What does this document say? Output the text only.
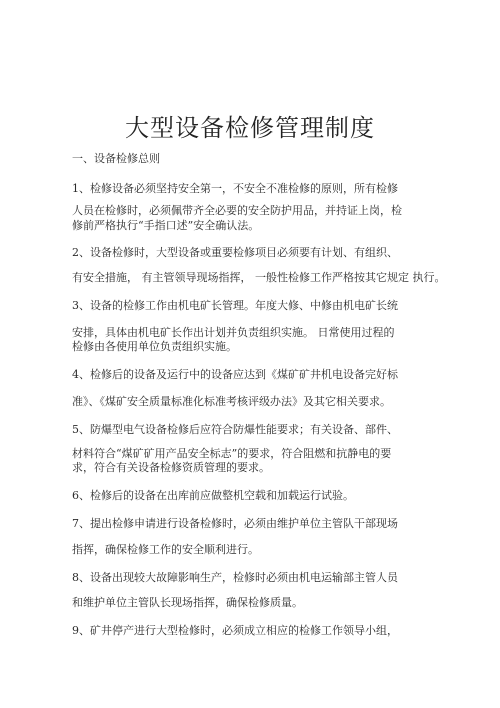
大型设备检修管理制度
一、设备检修总则
1、检修设备必须坚持安全第一，不安全不准检修的原则，所有检修
人员在检修时，必须佩带齐全必要的安全防护用品，并持证上岗，检
修前严格执行“手指口述”安全确认法。
2、设备检修时，大型设备或重要检修项目必须要有计划、有组织、
有安全措施， 有主管领导现场指挥， 一般性检修工作严格按其它规定 执行。
3、设备的检修工作由机电矿长管理。年度大修、中修由机电矿长统
安排，具体由机电矿长作出计划并负责组织实施。 日常使用过程的
检修由各使用单位负责组织实施。
4、检修后的设备及运行中的设备应达到《煤矿矿井机电设备完好标
准》、《煤矿安全质量标准化标准考核评级办法》及其它相关要求。
5、防爆型电气设备检修后应符合防爆性能要求；有关设备、部件、
材料符合“煤矿矿用产品安全标志”的要求，符合阻燃和抗静电的要
求，符合有关设备检修资质管理的要求。
6、检修后的设备在出库前应做整机空载和加载运行试验。
7、提出检修申请进行设备检修时，必须由维护单位主管队干部现场
指挥，确保检修工作的安全顺利进行。
8、设备出现较大故障影响生产，检修时必须由机电运输部主管人员
和维护单位主管队长现场指挥，确保检修质量。
9、矿井停产进行大型检修时，必须成立相应的检修工作领导小组，
